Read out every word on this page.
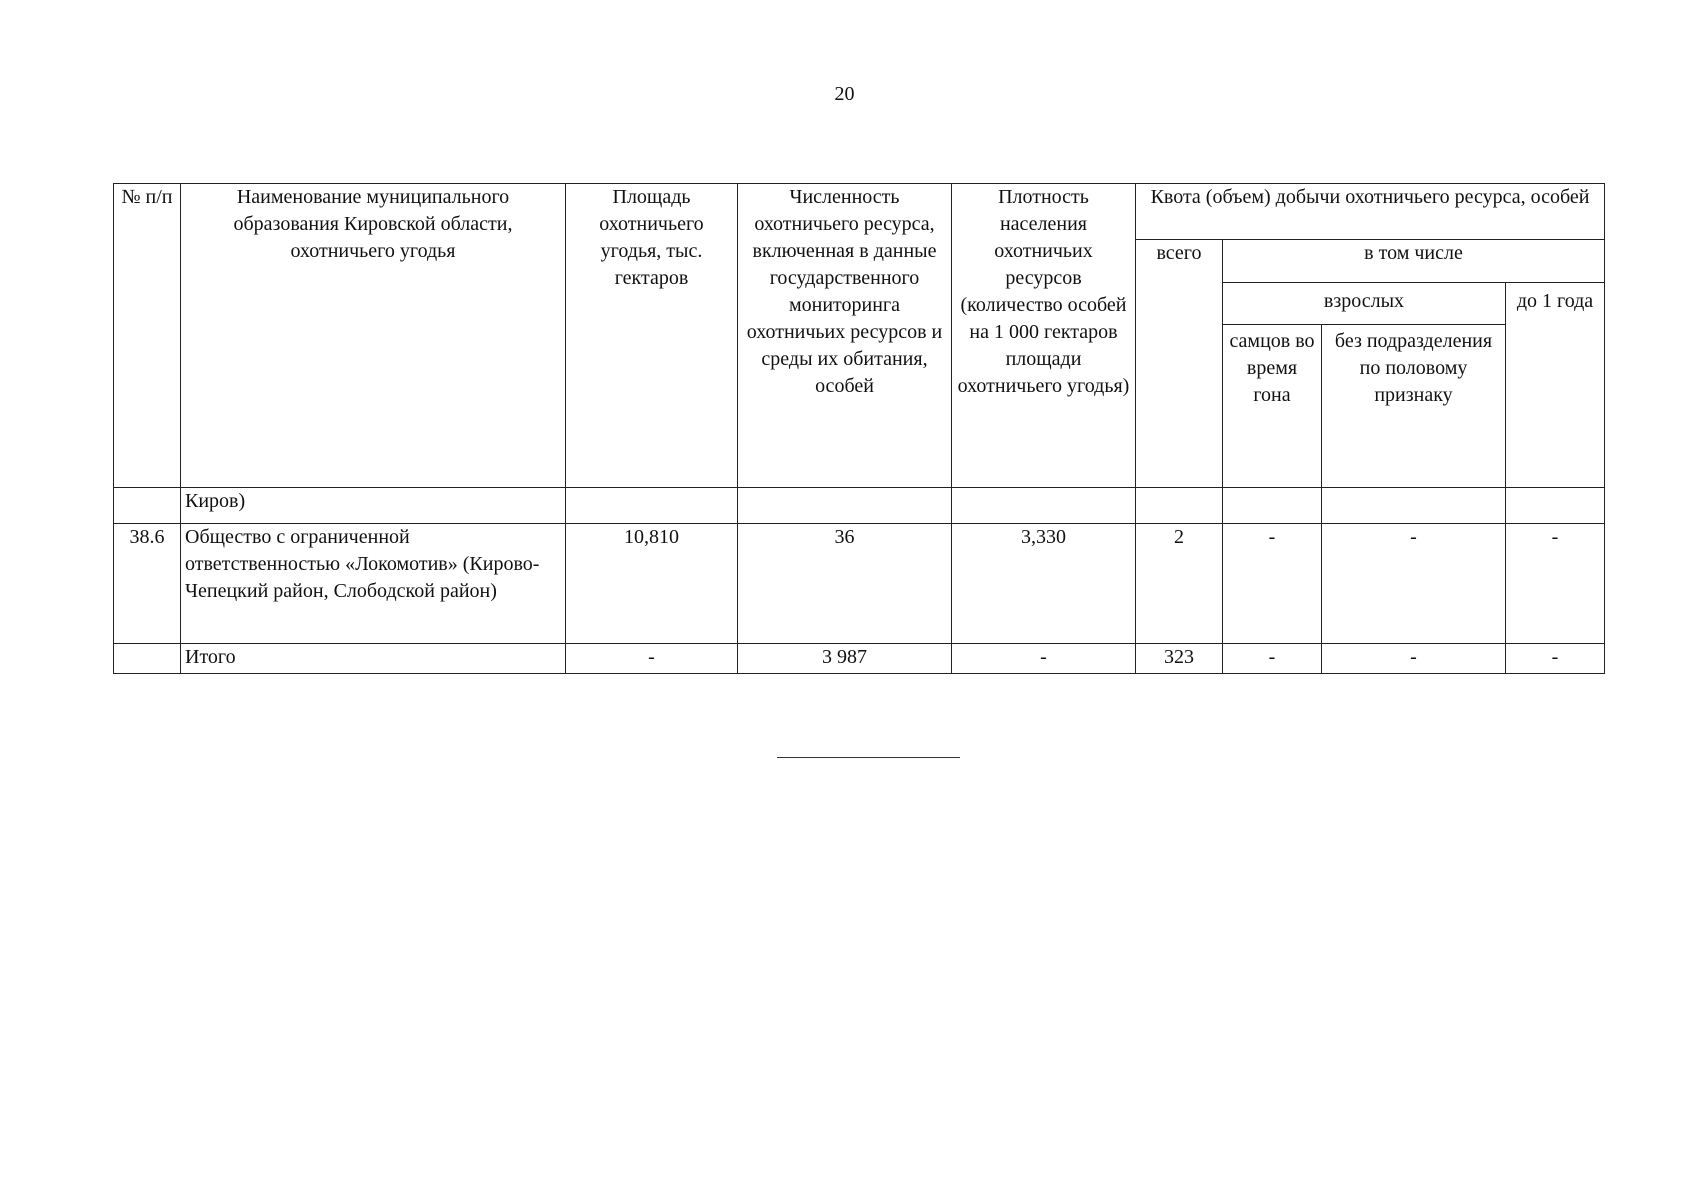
20
№ п/п	Наименование муниципального образования Кировской области, охотничьего угодья	Площадь охотничьего угодья, тыс. гектаров	Численность охотничьего ресурса, включенная в данные государственного мониторинга охотничьих ресурсов и среды их обитания, особей	Плотность населения охотничьих ресурсов (количество особей на 1 000 гектаров площади охотничьего угодья)	Квота (объем) добычи охотничьего ресурса, особей			
					всего	в том числе		
						взрослых		до 1 года
						самцов во время гона	без подразделения по половому признаку	
	Киров)							
38.6	Общество с ограниченной ответственностью «Локомотив» (Кирово-Чепецкий район, Слободской район)	10,810	36	3,330	2	-	-	-
	Итого	-	3 987	-	323	-	-	-
